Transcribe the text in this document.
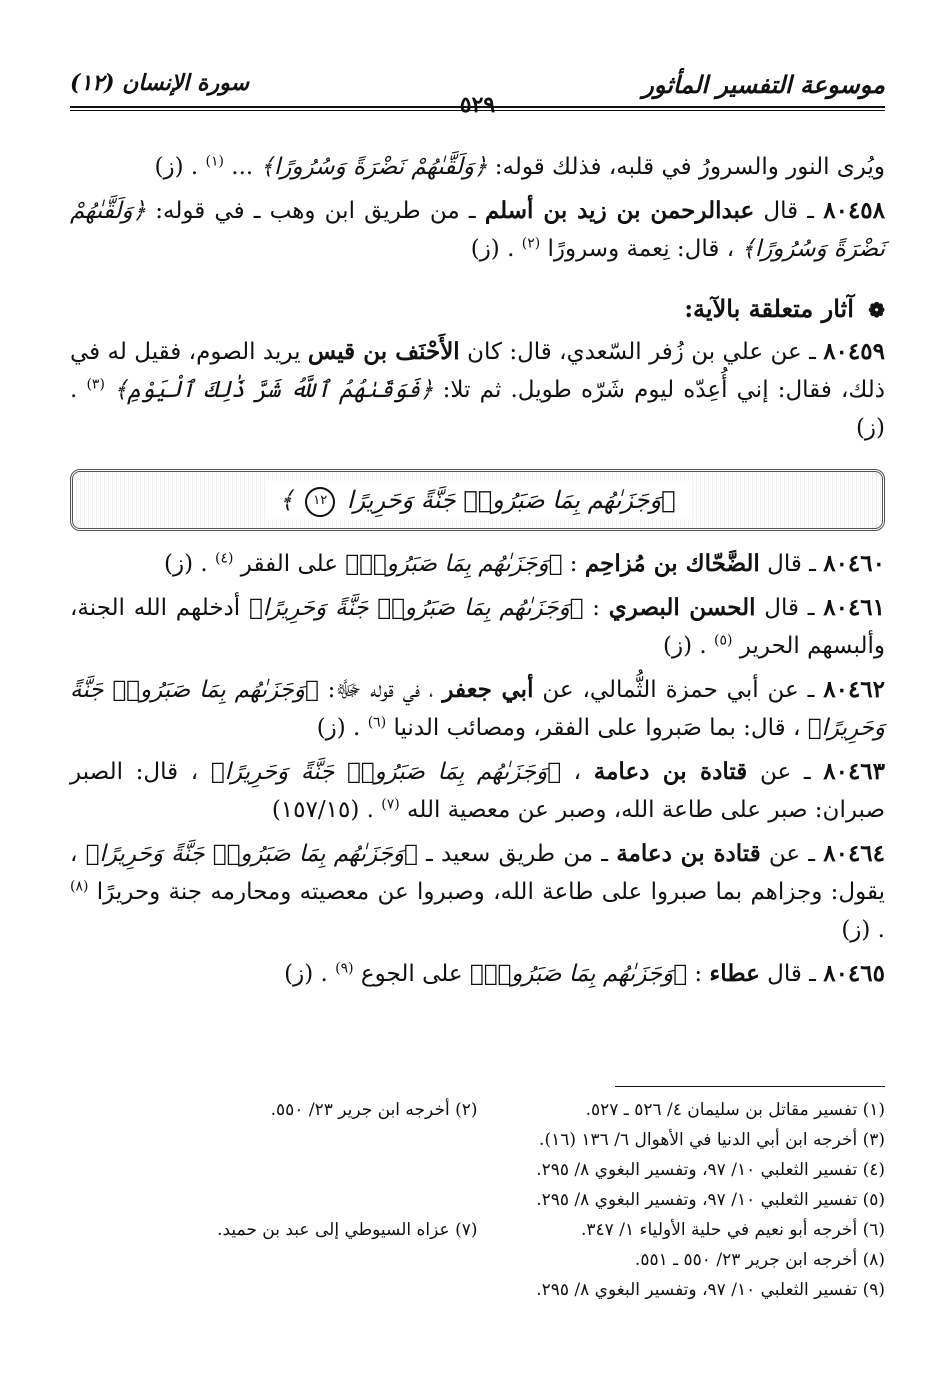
موسوعة التفسير المأثور
٥٢٩
سورة الإنسان (١٢)

ويُرى النور والسرورُ في قلبه، فذلك قوله: ﴿وَلَقَّىٰهُمْ نَضْرَةً وَسُرُورًا﴾ ... $^{(١)}$ . (ز)

٨٠٤٥٨ ـ قال عبدالرحمن بن زيد بن أسلم ـ من طريق ابن وهب ـ في قوله: ﴿وَلَقَّىٰهُمْ نَضْرَةً وَسُرُورًا﴾ ، قال: نِعمة وسرورًا $^{(٢)}$ . (ز)

❁ آثار متعلقة بالآية:

٨٠٤٥٩ ـ عن علي بن زُفر السّعدي، قال: كان الأَحْنَف بن قيس يريد الصوم، فقيل له في ذلك، فقال: إني أُعِدّه ليوم شَرّه طويل. ثم تلا: ﴿فَوَقَىٰهُمُ ٱللَّهُ شَرَّ ذَٰلِكَ ٱلْيَوْمِ﴾ $^{(٣)}$ . (ز)

﴿وَجَزَىٰهُم بِمَا صَبَرُوا۟ جَنَّةً وَحَرِيرًا ١٢ ﴾

٨٠٤٦٠ ـ قال الضَّحّاك بن مُزاحِم : ﴿وَجَزَىٰهُم بِمَا صَبَرُوا۟﴾ على الفقر $^{(٤)}$ . (ز)

٨٠٤٦١ ـ قال الحسن البصري : ﴿وَجَزَىٰهُم بِمَا صَبَرُوا۟ جَنَّةً وَحَرِيرًا﴾ أدخلهم الله الجنة، وألبسهم الحرير $^{(٥)}$ . (ز)

٨٠٤٦٢ ـ عن أبي حمزة الثُّمالي، عن أبي جعفر ، في قوله ﷻ: ﴿وَجَزَىٰهُم بِمَا صَبَرُوا۟ جَنَّةً وَحَرِيرًا﴾ ، قال: بما صَبروا على الفقر، ومصائب الدنيا $^{(٦)}$ . (ز)

٨٠٤٦٣ ـ عن قتادة بن دعامة ، ﴿وَجَزَىٰهُم بِمَا صَبَرُوا۟ جَنَّةً وَحَرِيرًا﴾ ، قال: الصبر صبران: صبر على طاعة الله، وصبر عن معصية الله $^{(٧)}$ . (١٥٧/١٥)

٨٠٤٦٤ ـ عن قتادة بن دعامة ـ من طريق سعيد ـ ﴿وَجَزَىٰهُم بِمَا صَبَرُوا۟ جَنَّةً وَحَرِيرًا﴾ ، يقول: وجزاهم بما صبروا على طاعة الله، وصبروا عن معصيته ومحارمه جنة وحريرًا $^{(٨)}$ . (ز)

٨٠٤٦٥ ـ قال عطاء : ﴿وَجَزَىٰهُم بِمَا صَبَرُوا۟﴾ على الجوع $^{(٩)}$ . (ز)

(١) تفسير مقاتل بن سليمان ٤/ ٥٢٦ ـ ٥٢٧.
(٢) أخرجه ابن جرير ٢٣/ ٥٥٠.
(٣) أخرجه ابن أبي الدنيا في الأهوال ٦/ ١٣٦ (١٦).
(٤) تفسير الثعلبي ١٠/ ٩٧، وتفسير البغوي ٨/ ٢٩٥.
(٥) تفسير الثعلبي ١٠/ ٩٧، وتفسير البغوي ٨/ ٢٩٥.
(٦) أخرجه أبو نعيم في حلية الأولياء ١/ ٣٤٧.
(٧) عزاه السيوطي إلى عبد بن حميد.
(٨) أخرجه ابن جرير ٢٣/ ٥٥٠ ـ ٥٥١.
(٩) تفسير الثعلبي ١٠/ ٩٧، وتفسير البغوي ٨/ ٢٩٥.
